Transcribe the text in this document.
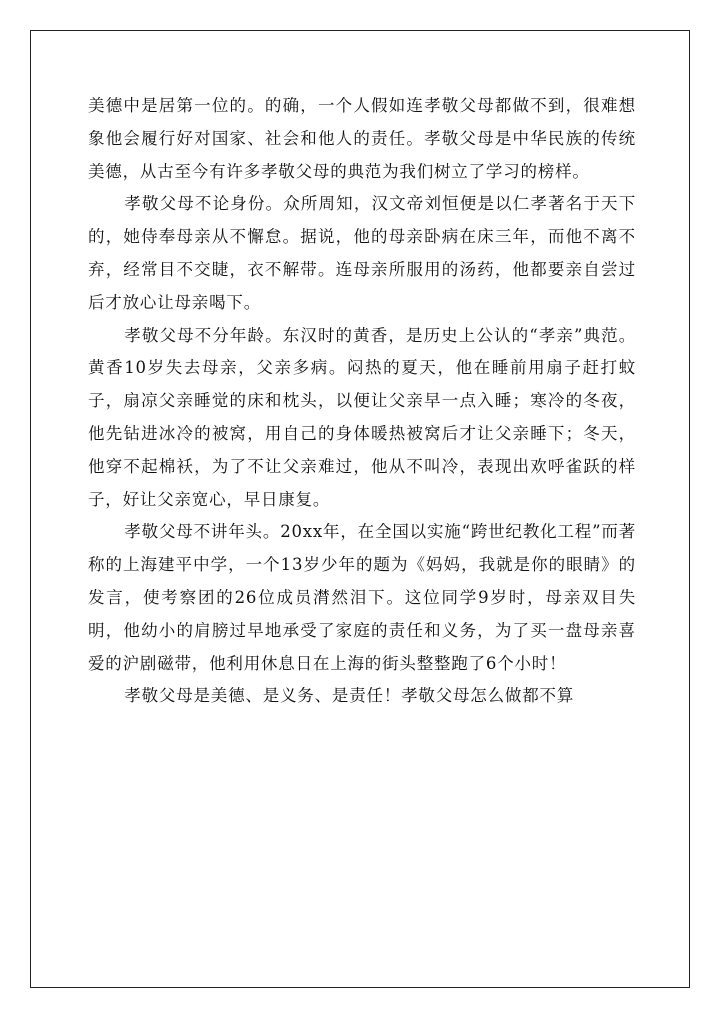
美德中是居第一位的。的确，一个人假如连孝敬父母都做不到，很难想象他会履行好对国家、社会和他人的责任。孝敬父母是中华民族的传统美德，从古至今有许多孝敬父母的典范为我们树立了学习的榜样。

孝敬父母不论身份。众所周知，汉文帝刘恒便是以仁孝著名于天下的，她侍奉母亲从不懈怠。据说，他的母亲卧病在床三年，而他不离不弃，经常目不交睫，衣不解带。连母亲所服用的汤药，他都要亲自尝过后才放心让母亲喝下。

孝敬父母不分年龄。东汉时的黄香，是历史上公认的“孝亲”典范。黄香10岁失去母亲，父亲多病。闷热的夏天，他在睡前用扇子赶打蚊子，扇凉父亲睡觉的床和枕头，以便让父亲早一点入睡；寒冷的冬夜，他先钻进冰冷的被窝，用自己的身体暖热被窝后才让父亲睡下；冬天，他穿不起棉袄，为了不让父亲难过，他从不叫冷，表现出欢呼雀跃的样子，好让父亲宽心，早日康复。

孝敬父母不讲年头。20xx年，在全国以实施“跨世纪教化工程”而著称的上海建平中学，一个13岁少年的题为《妈妈，我就是你的眼睛》的发言，使考察团的26位成员潸然泪下。这位同学9岁时，母亲双目失明，他幼小的肩膀过早地承受了家庭的责任和义务，为了买一盘母亲喜爱的沪剧磁带，他利用休息日在上海的街头整整跑了6个小时！

孝敬父母是美德、是义务、是责任！孝敬父母怎么做都不算
